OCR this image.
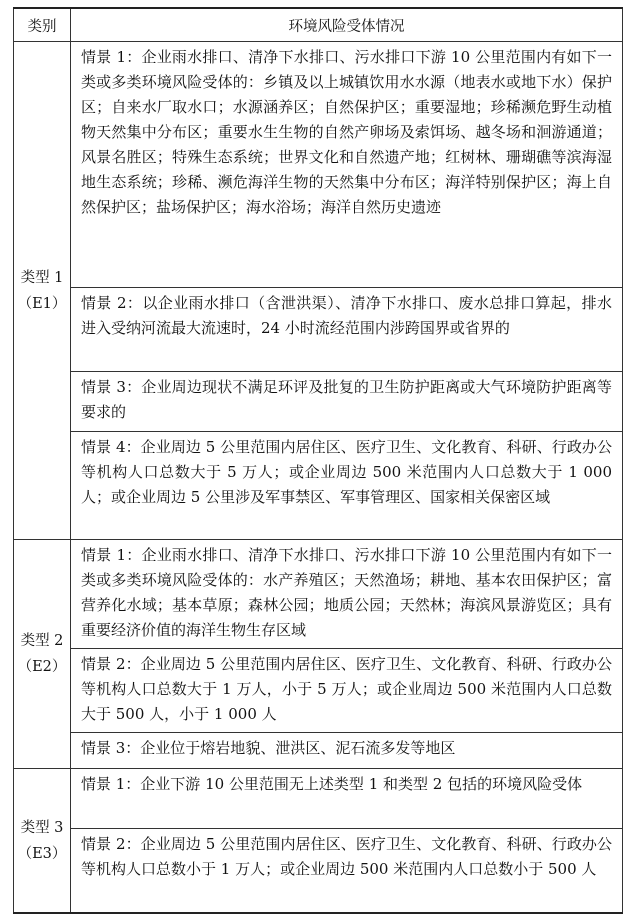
类别	环境风险受体情况

类型 1
（E1）	情景 1：企业雨水排口、清净下水排口、污水排口下游 10 公里范围内有如下一类或多类环境风险受体的：乡镇及以上城镇饮用水水源（地表水或地下水）保护区；自来水厂取水口；水源涵养区；自然保护区；重要湿地；珍稀濒危野生动植物天然集中分布区；重要水生生物的自然产卵场及索饵场、越冬场和洄游通道；风景名胜区；特殊生态系统；世界文化和自然遗产地；红树林、珊瑚礁等滨海湿地生态系统；珍稀、濒危海洋生物的天然集中分布区；海洋特别保护区；海上自然保护区；盐场保护区；海水浴场；海洋自然历史遗迹
	情景 2：以企业雨水排口（含泄洪渠）、清净下水排口、废水总排口算起，排水进入受纳河流最大流速时，24 小时流经范围内涉跨国界或省界的
	情景 3：企业周边现状不满足环评及批复的卫生防护距离或大气环境防护距离等要求的
	情景 4：企业周边 5 公里范围内居住区、医疗卫生、文化教育、科研、行政办公等机构人口总数大于 5 万人；或企业周边 500 米范围内人口总数大于 1 000 人；或企业周边 5 公里涉及军事禁区、军事管理区、国家相关保密区域

类型 2
（E2）	情景 1：企业雨水排口、清净下水排口、污水排口下游 10 公里范围内有如下一类或多类环境风险受体的：水产养殖区；天然渔场；耕地、基本农田保护区；富营养化水域；基本草原；森林公园；地质公园；天然林；海滨风景游览区；具有重要经济价值的海洋生物生存区域
	情景 2：企业周边 5 公里范围内居住区、医疗卫生、文化教育、科研、行政办公等机构人口总数大于 1 万人，小于 5 万人；或企业周边 500 米范围内人口总数大于 500 人，小于 1 000 人
	情景 3：企业位于熔岩地貌、泄洪区、泥石流多发等地区

类型 3
（E3）	情景 1：企业下游 10 公里范围无上述类型 1 和类型 2 包括的环境风险受体
	情景 2：企业周边 5 公里范围内居住区、医疗卫生、文化教育、科研、行政办公等机构人口总数小于 1 万人；或企业周边 500 米范围内人口总数小于 500 人
